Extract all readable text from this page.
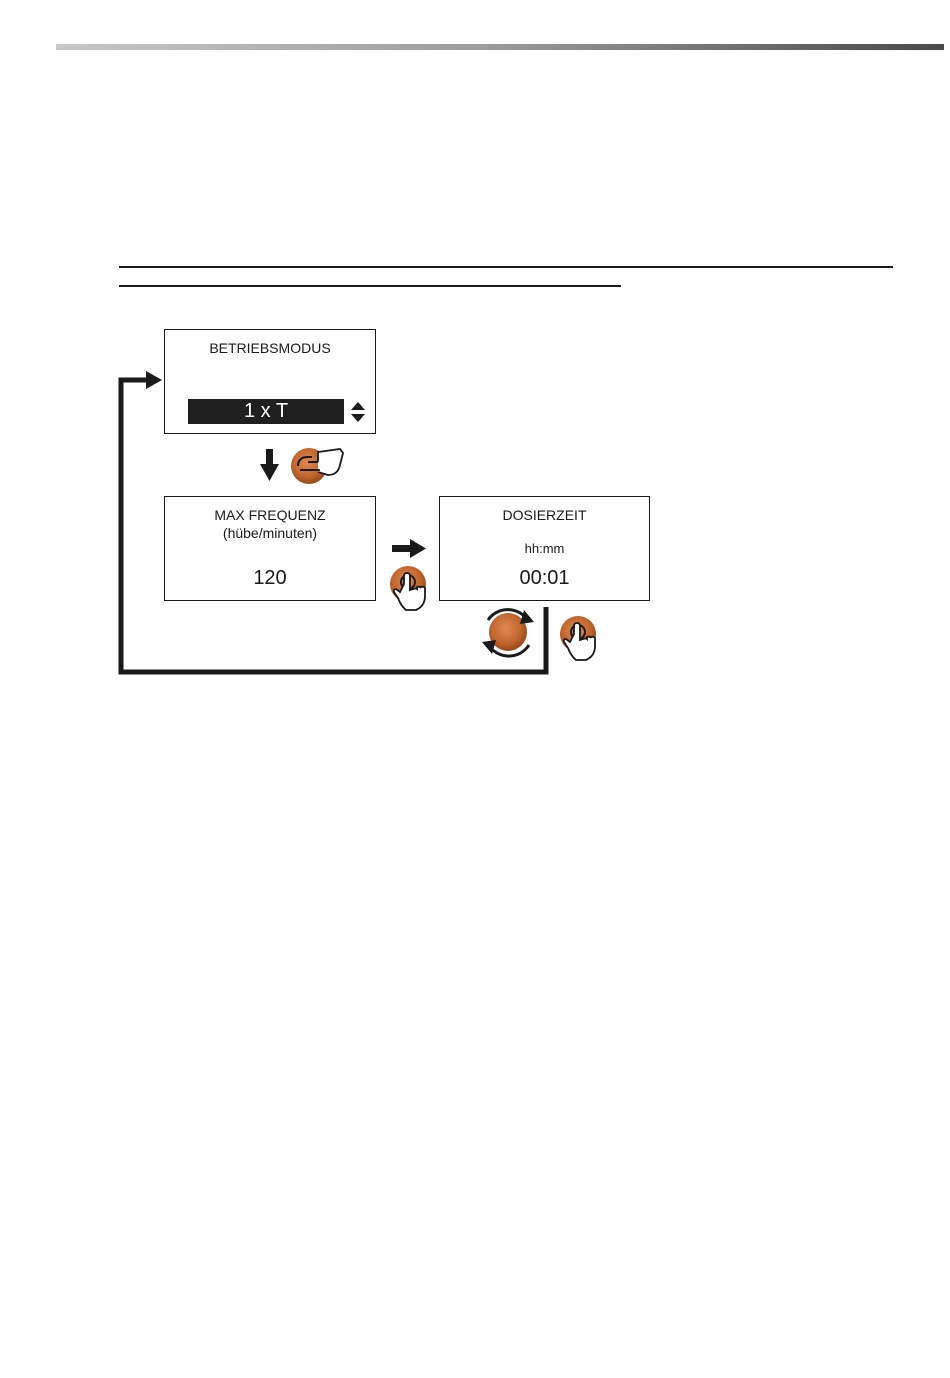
BETRIEBSMODUS
1 x T
MAX FREQUENZ
(hübe/minuten)
120
DOSIERZEIT
hh:mm
00:01
